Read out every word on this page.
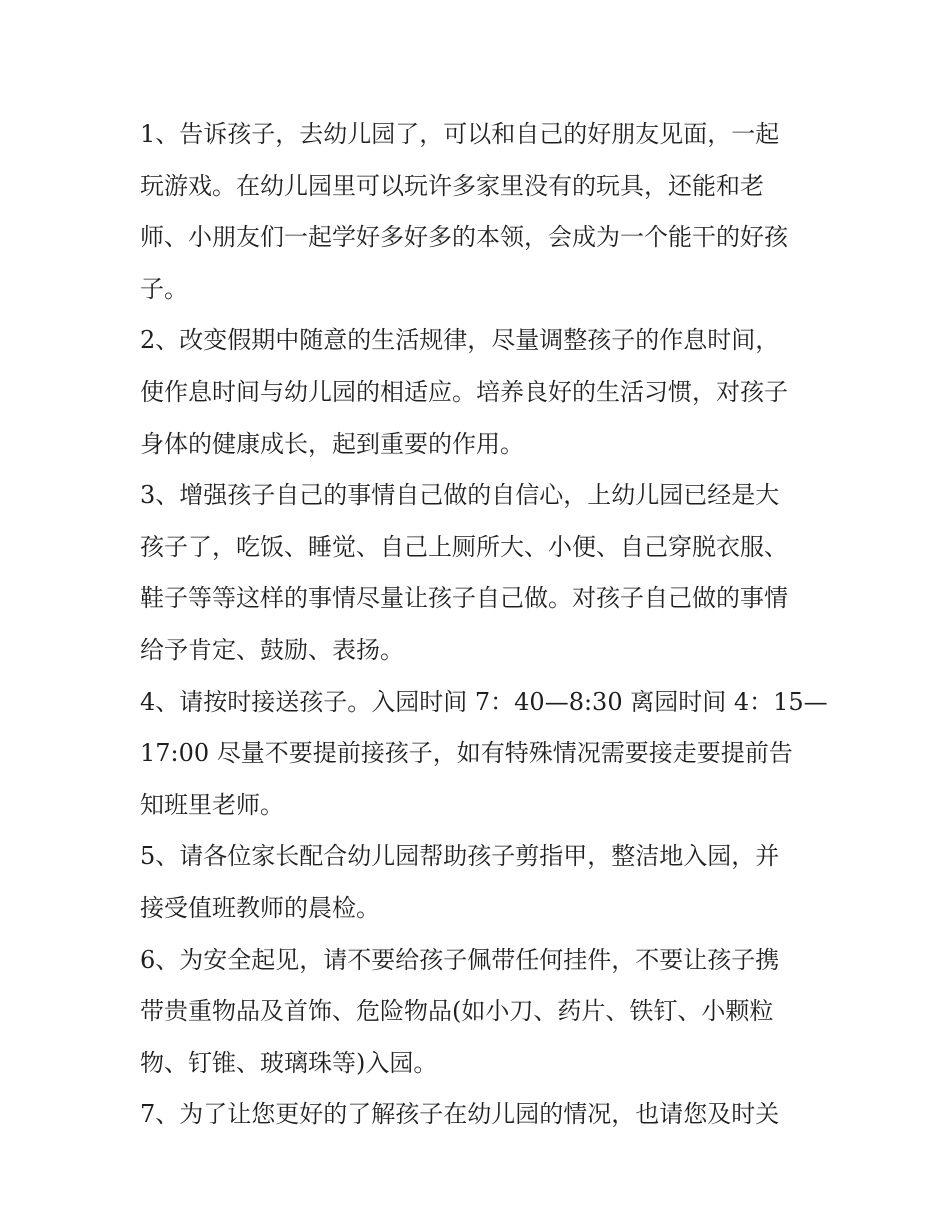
1、告诉孩子，去幼儿园了，可以和自己的好朋友见面，一起
玩游戏。在幼儿园里可以玩许多家里没有的玩具，还能和老
师、小朋友们一起学好多好多的本领，会成为一个能干的好孩
子。
2、改变假期中随意的生活规律，尽量调整孩子的作息时间，
使作息时间与幼儿园的相适应。培养良好的生活习惯，对孩子
身体的健康成长，起到重要的作用。
3、增强孩子自己的事情自己做的自信心，上幼儿园已经是大
孩子了，吃饭、睡觉、自己上厕所大、小便、自己穿脱衣服、
鞋子等等这样的事情尽量让孩子自己做。对孩子自己做的事情
给予肯定、鼓励、表扬。
4、请按时接送孩子。入园时间 7：40—8:30 离园时间 4：15—
17:00 尽量不要提前接孩子，如有特殊情况需要接走要提前告
知班里老师。
5、请各位家长配合幼儿园帮助孩子剪指甲，整洁地入园，并
接受值班教师的晨检。
6、为安全起见，请不要给孩子佩带任何挂件，不要让孩子携
带贵重物品及首饰、危险物品(如小刀、药片、铁钉、小颗粒
物、钉锥、玻璃珠等)入园。
7、为了让您更好的了解孩子在幼儿园的情况，也请您及时关
